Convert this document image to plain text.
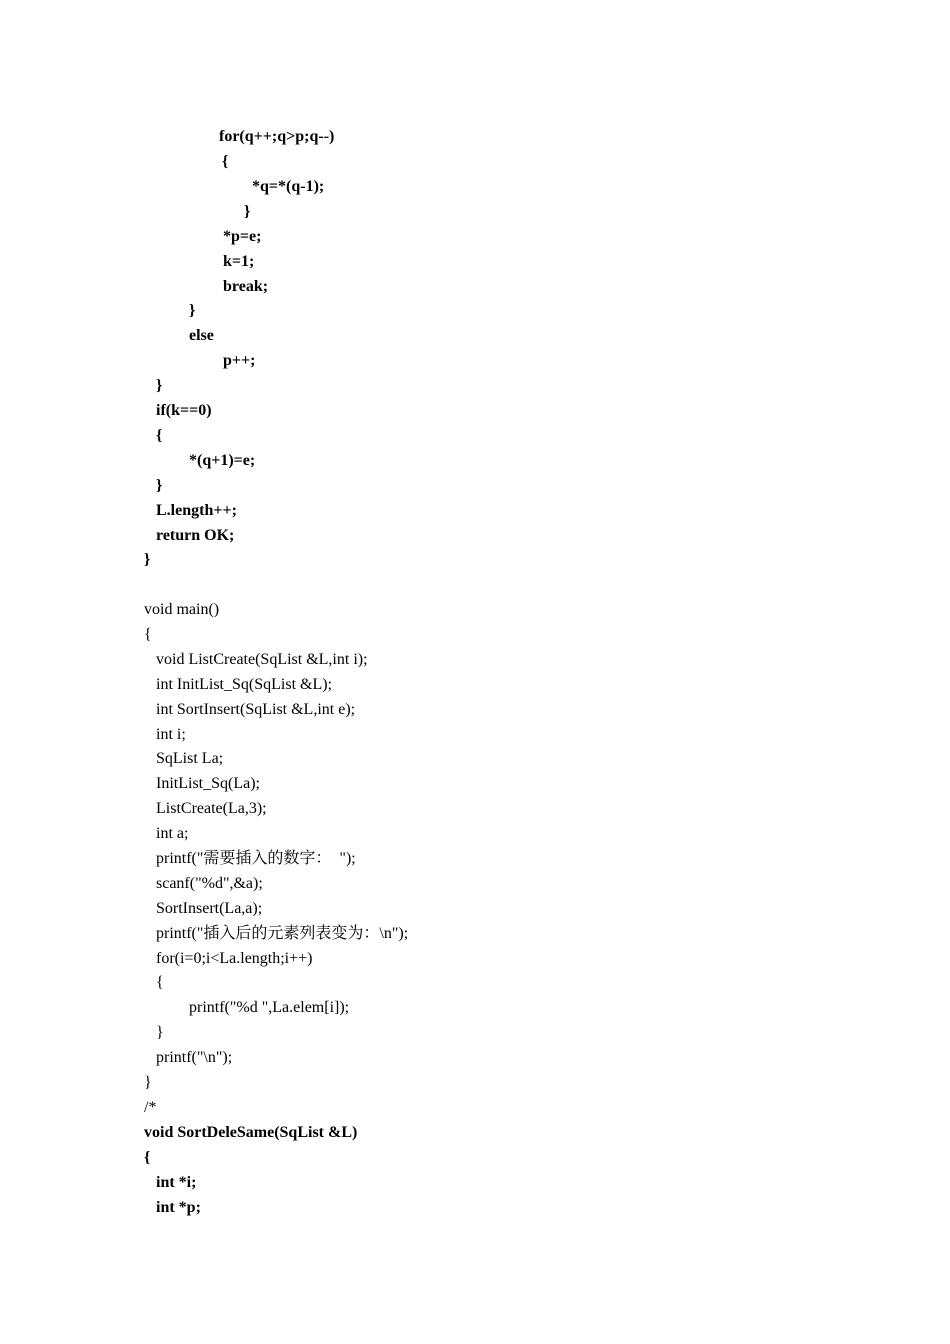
for(q++;q>p;q--)
{
*q=*(q-1);
}
*p=e;
k=1;
break;
}
else
p++;
}
if(k==0)
{
*(q+1)=e;
}
L.length++;
return OK;
}
void main()
{
void ListCreate(SqList &L,int i);
int InitList_Sq(SqList &L);
int SortInsert(SqList &L,int e);
int i;
SqList La;
InitList_Sq(La);
ListCreate(La,3);
int a;
printf("需要插入的数字：  ");
scanf("%d",&a);
SortInsert(La,a);
printf("插入后的元素列表变为：\n");
for(i=0;i<La.length;i++)
{
printf("%d ",La.elem[i]);
}
printf("\n");
}
/*
void SortDeleSame(SqList &L)
{
int *i;
int *p;
